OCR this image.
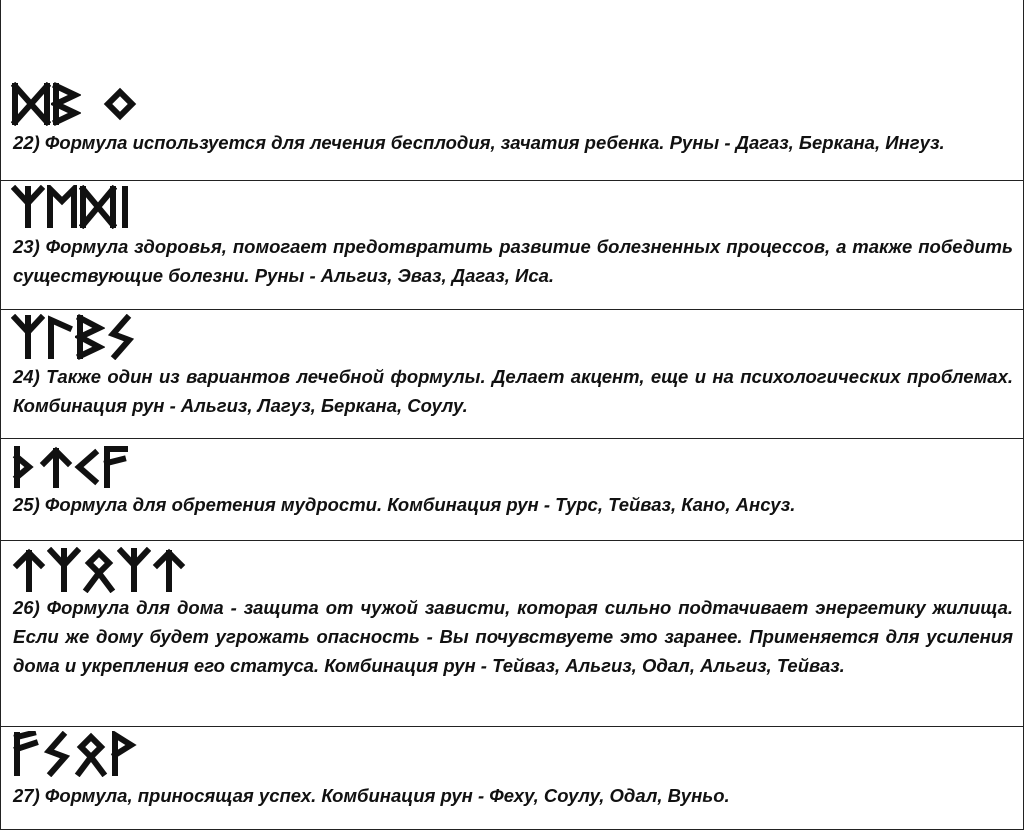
22) Формула используется для лечения бесплодия, зачатия ребенка. Руны - Дагаз, Беркана, Ингуз.

23) Формула здоровья, помогает предотвратить развитие болезненных процессов, а также победить существующие болезни. Руны - Альгиз, Эваз, Дагаз, Иса.

24) Также один из вариантов лечебной формулы. Делает акцент, еще и на психологических проблемах. Комбинация рун - Альгиз, Лагуз, Беркана, Соулу.

25) Формула для обретения мудрости. Комбинация рун - Турс, Тейваз, Кано, Ансуз.

26) Формула для дома - защита от чужой зависти, которая сильно подтачивает энергетику жилища. Если же дому будет угрожать опасность - Вы почувствуете это заранее. Применяется для усиления дома и укрепления его статуса. Комбинация рун - Тейваз, Альгиз, Одал, Альгиз, Тейваз.

27) Формула, приносящая успех. Комбинация рун - Феху, Соулу, Одал, Вуньо.
